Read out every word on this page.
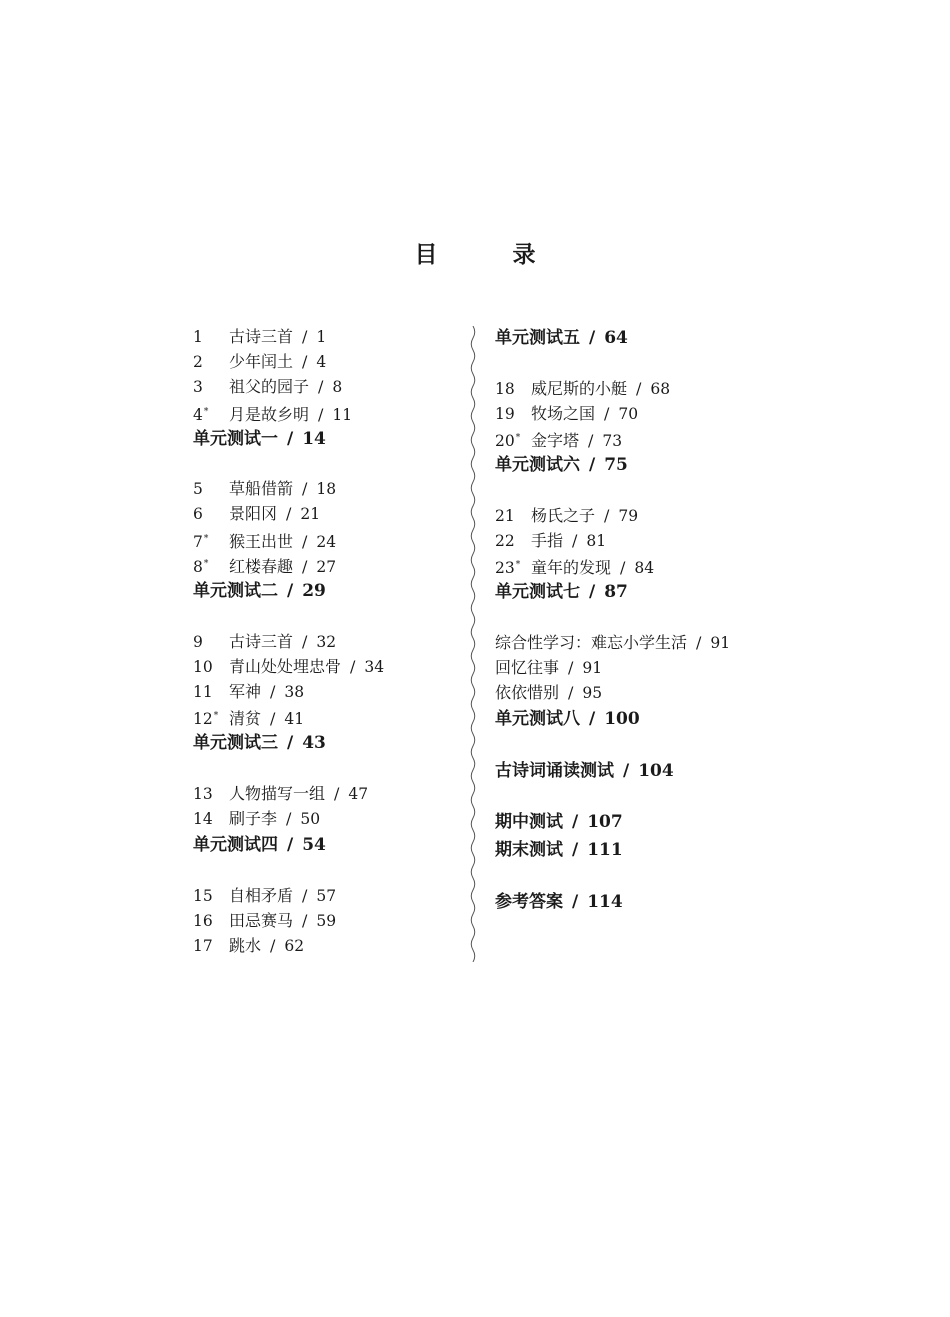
目　录
1	古诗三首 / 1
2	少年闰土 / 4
3	祖父的园子 / 8
4*	月是故乡明 / 11
单元测试一 / 14
5	草船借箭 / 18
6	景阳冈 / 21
7*	猴王出世 / 24
8*	红楼春趣 / 27
单元测试二 / 29
9	古诗三首 / 32
10	青山处处埋忠骨 / 34
11	军神 / 38
12* 清贫 / 41
单元测试三 / 43
13	人物描写一组 / 47
14	刷子李 / 50
单元测试四 / 54
15	自相矛盾 / 57
16	田忌赛马 / 59
17	跳水 / 62
单元测试五 / 64
18	威尼斯的小艇 / 68
19	牧场之国 / 70
20* 金字塔 / 73
单元测试六 / 75
21	杨氏之子 / 79
22	手指 / 81
23* 童年的发现 / 84
单元测试七 / 87
综合性学习：难忘小学生活 / 91
回忆往事 / 91
依依惜别 / 95
单元测试八 / 100
古诗词诵读测试 / 104
期中测试 / 107
期末测试 / 111
参考答案 / 114
